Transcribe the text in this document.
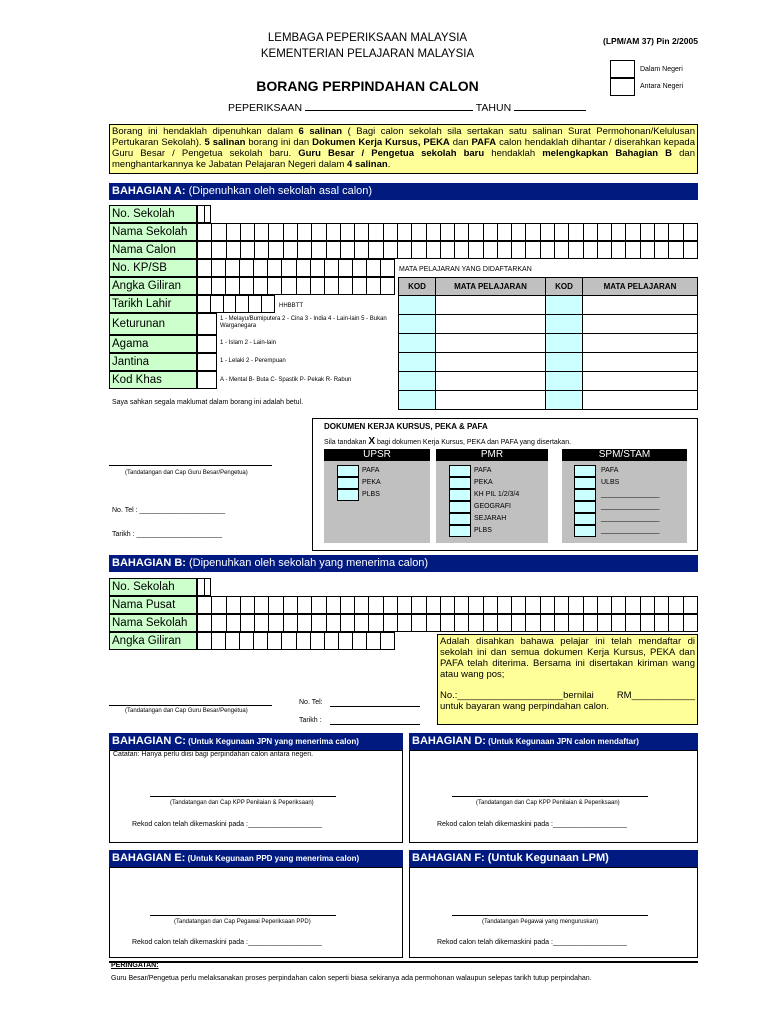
LEMBAGA PEPERIKSAAN MALAYSIA
KEMENTERIAN PELAJARAN MALAYSIA
(LPM/AM 37) Pin 2/2005
Dalam Negeri
Antara Negeri
BORANG PERPINDAHAN CALON
PEPERIKSAAN	TAHUN
Borang ini hendaklah dipenuhkan dalam 6 salinan ( Bagi calon sekolah sila sertakan satu salinan Surat Permohonan/Kelulusan Pertukaran Sekolah). 5 salinan borang ini dan Dokumen Kerja Kursus, PEKA dan PAFA calon hendaklah dihantar / diserahkan kepada Guru Besar / Pengetua sekolah baru. Guru Besar / Pengetua sekolah baru hendaklah melengkapkan Bahagian B dan menghantarkannya ke Jabatan Pelajaran Negeri dalam 4 salinan.
BAHAGIAN A: (Dipenuhkan oleh sekolah asal calon)
No. Sekolah
Nama Sekolah
Nama Calon
No. KP/SB
Angka Giliran
Tarikh Lahir
Keturunan
Agama
Jantina
Kod Khas
HHBBTT
1 - Melayu/Bumiputera 2 - Cina 3 - India 4 - Lain-lain 5 - Bukan Warganegara
1 - Islam 2 - Lain-lain
1 - Lelaki 2 - Perempuan
A - Mental B- Buta C- Spastik P- Pekak R- Rabun
MATA PELAJARAN YANG DIDAFTARKAN
KOD	MATA PELAJARAN	KOD	MATA PELAJARAN

Saya sahkan segala maklumat dalam borang ini adalah betul.
(Tandatangan dan Cap Guru Besar/Pengetua)
No. Tel : ______________________
Tarikh : ______________________
DOKUMEN KERJA KURSUS, PEKA & PAFA
Sila tandakan X bagi dokumen Kerja Kursus, PEKA dan PAFA yang disertakan.
UPSR
PAFA
PEKA
PLBS
PMR
PAFA
PEKA
KH PIL 1/2/3/4
GEOGRAFI
SEJARAH
PLBS
SPM/STAM
PAFA
ULBS
_______________
_______________
_______________
_______________
BAHAGIAN B: (Dipenuhkan oleh sekolah yang menerima calon)
No. Sekolah
Nama Pusat
Nama Sekolah
Angka Giliran	Adalah disahkan bahawa pelajar ini telah mendaftar di sekolah ini dan semua dokumen Kerja Kursus, PEKA dan PAFA telah diterima. Bersama ini disertakan kiriman wang atau wang pos;
No.:____________________bernilai RM____________ untuk bayaran wang perpindahan calon.
(Tandatangan dan Cap Guru Besar/Pengetua)
No. Tel:
Tarikh :
BAHAGIAN C: (Untuk Kegunaan JPN yang menerima calon)
Catatan: Hanya perlu diisi bagi perpindahan calon antara negeri.
(Tandatangan dan Cap KPP Penilaian & Peperiksaan)
Rekod calon telah dikemaskini pada :___________________
BAHAGIAN D: (Untuk Kegunaan JPN calon mendaftar)
(Tandatangan dan Cap KPP Penilaian & Peperiksaan)
Rekod calon telah dikemaskini pada :___________________
BAHAGIAN E: (Untuk Kegunaan PPD yang menerima calon)
(Tandatangan dan Cap Pegawai Peperiksaan PPD)
Rekod calon telah dikemaskini pada :___________________
BAHAGIAN F: (Untuk Kegunaan LPM)
(Tandatangan Pegawai yang menguruskan)
Rekod calon telah dikemaskini pada :___________________
PERINGATAN:
Guru Besar/Pengetua perlu melaksanakan proses perpindahan calon seperti biasa sekiranya ada permohonan walaupun selepas tarikh tutup perpindahan.
